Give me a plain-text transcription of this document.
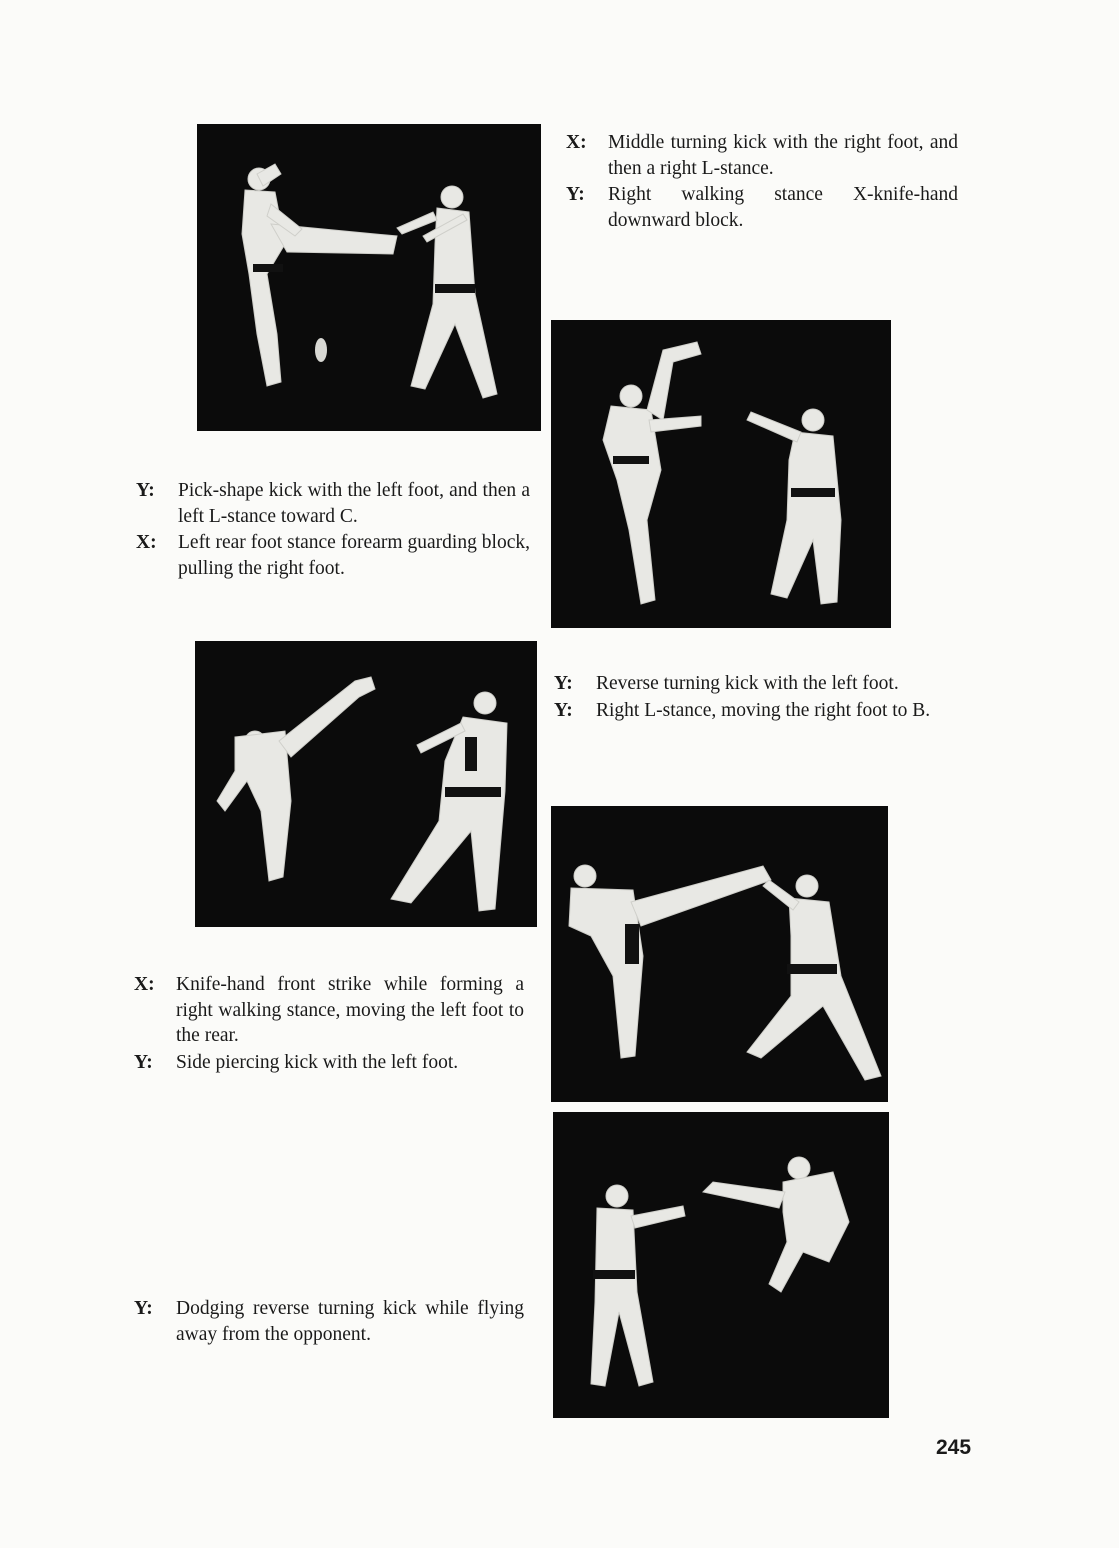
X:	Middle turning kick with the right foot, and then a right L-stance.
Y:	Right walking stance X-knife-hand downward block.
Y:	Pick-shape kick with the left foot, and then a left L-stance toward C.
X:	Left rear foot stance forearm guarding block, pulling the right foot.
Y:	Reverse turning kick with the left foot.
Y:	Right L-stance, moving the right foot to B.
X:	Knife-hand front strike while forming a right walking stance, moving the left foot to the rear.
Y:	Side piercing kick with the left foot.
Y:	Dodging reverse turning kick while flying away from the opponent.
245
